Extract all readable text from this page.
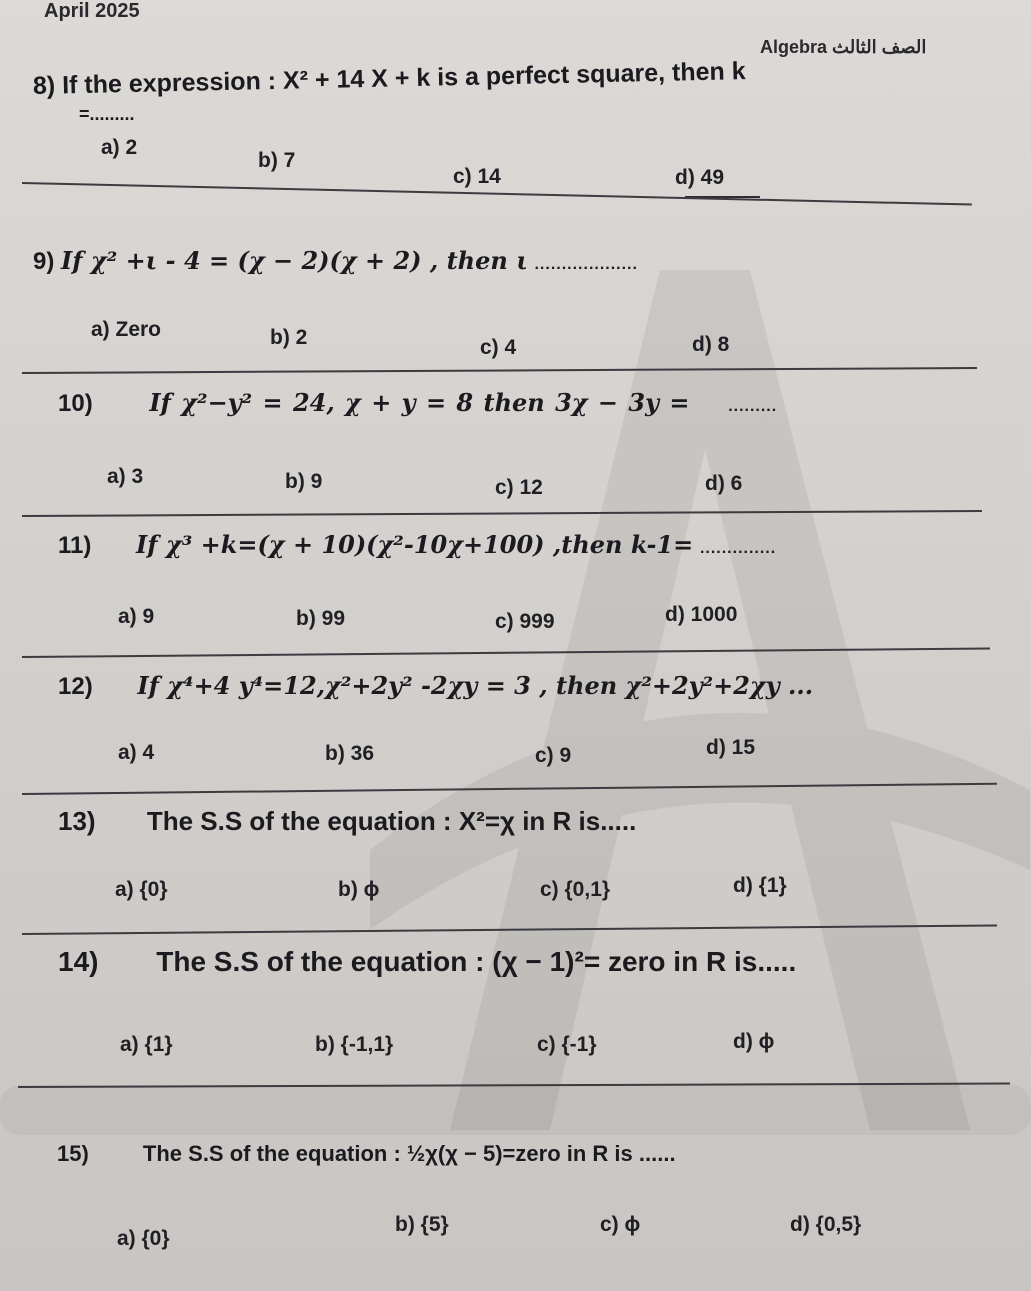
April 2025
Algebra الصف الثالث
8) If the expression : X² + 14 X + k is a perfect square, then k
=.........
a) 2
b) 7
c) 14	d) 49
9) If χ² +ι - 4 = (χ − 2)(χ + 2) , then ι ...................
a) Zero	b) 2	c) 4	d) 8
10) If χ²−y² = 24, χ + y = 8 then 3χ − 3y = .........
a) 3	b) 9	c) 12	d) 6
11) If χ³ +k=(χ + 10)(χ²-10χ+100) ,then k-1= ..............
a) 9	b) 99	c) 999	d) 1000
12) If χ⁴+4 y⁴=12,χ²+2y² -2χy = 3 , then χ²+2y²+2χy ...
a) 4	b) 36	c) 9	d) 15
13) The S.S of the equation : X²=χ in R is.....
a) {0}	b) ϕ	c) {0,1}	d) {1}
14) The S.S of the equation : (χ − 1)²= zero in R is.....
a) {1}	b) {-1,1}	c) {-1}	d) ϕ
15) The S.S of the equation : ½χ(χ − 5)=zero in R is ......
a) {0}
b) {5}	c) ϕ	d) {0,5}
